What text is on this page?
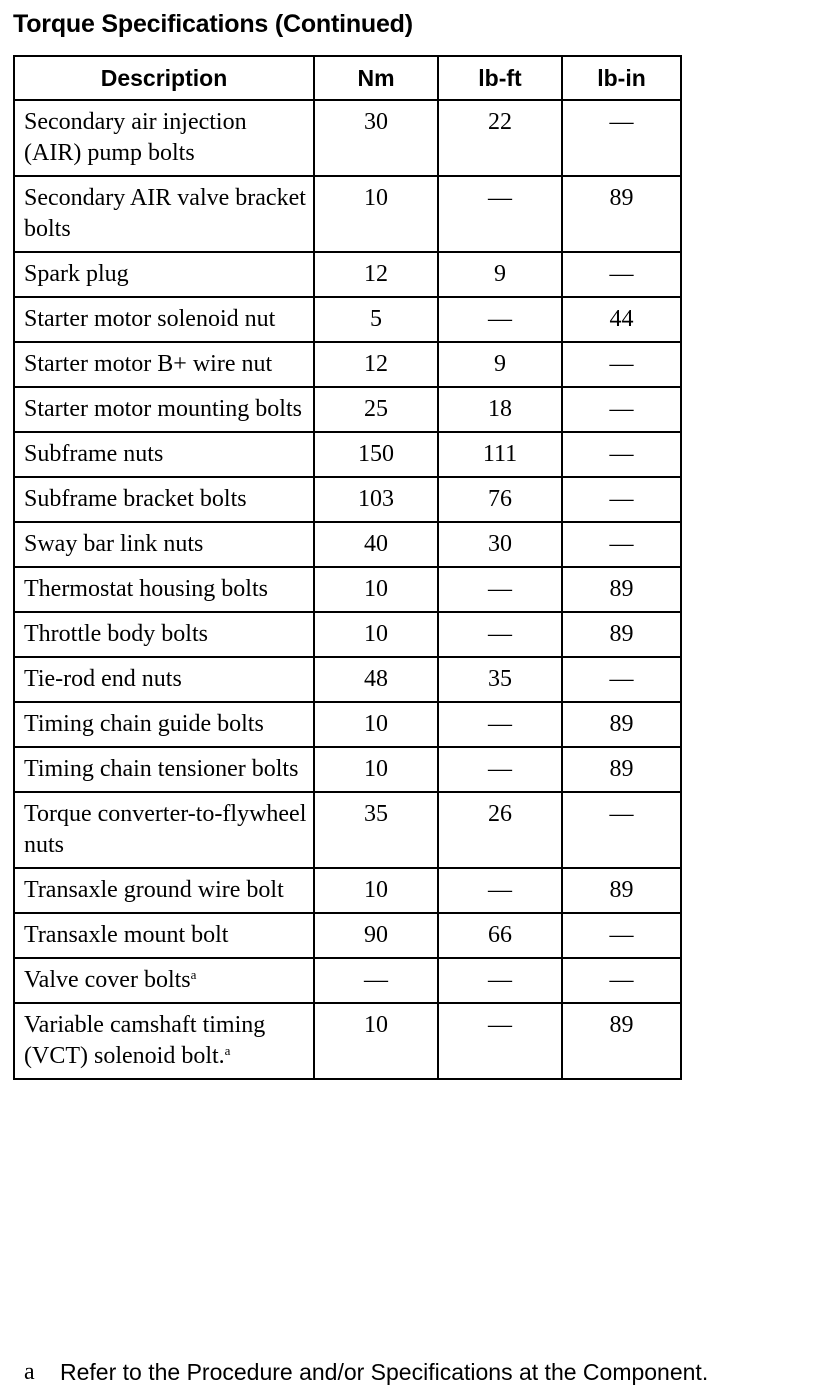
Torque Specifications (Continued)
Description	Nm	lb-ft	lb-in
Secondary air injection (AIR) pump bolts	30	22	—
Secondary AIR valve bracket bolts	10	—	89
Spark plug	12	9	—
Starter motor solenoid nut	5	—	44
Starter motor B+ wire nut	12	9	—
Starter motor mounting bolts	25	18	—
Subframe nuts	150	111	—
Subframe bracket bolts	103	76	—
Sway bar link nuts	40	30	—
Thermostat housing bolts	10	—	89
Throttle body bolts	10	—	89
Tie-rod end nuts	48	35	—
Timing chain guide bolts	10	—	89
Timing chain tensioner bolts	10	—	89
Torque converter-to-flywheel nuts	35	26	—
Transaxle ground wire bolt	10	—	89
Transaxle mount bolt	90	66	—
Valve cover bolts$^a$	—	—	—
Variable camshaft timing (VCT) solenoid bolt.$^a$	10	—	89
a Refer to the Procedure and/or Specifications at the Component.
